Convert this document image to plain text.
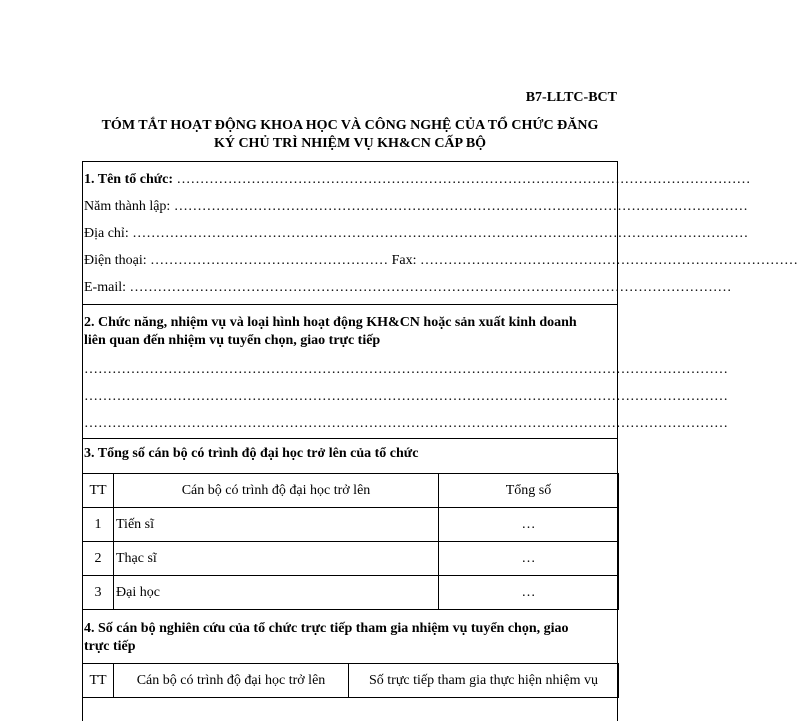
B7-LLTC-BCT
TÓM TẮT HOẠT ĐỘNG KHOA HỌC VÀ CÔNG NGHỆ CỦA TỔ CHỨC ĐĂNG
KÝ CHỦ TRÌ NHIỆM VỤ KH&CN CẤP BỘ
1. Tên tổ chức: ……………………………………………………………………………………………………………
Năm thành lập: ……………………………………………………………………………………………………………
Địa chỉ: ……………………………………………………………………………………………………………………
Điện thoại: …………………………………………… Fax: ………………………………………………………………………
E-mail: …………………………………………………………………………………………………………………
2. Chức năng, nhiệm vụ và loại hình hoạt động KH&CN hoặc sản xuất kinh doanh
liên quan đến nhiệm vụ tuyển chọn, giao trực tiếp
…………………………………………………………………………………………………………………………
…………………………………………………………………………………………………………………………
…………………………………………………………………………………………………………………………
3. Tổng số cán bộ có trình độ đại học trở lên của tổ chức
TT	Cán bộ có trình độ đại học trở lên	Tổng số
1	Tiến sĩ	…
2	Thạc sĩ	…
3	Đại học	…
4. Số cán bộ nghiên cứu của tổ chức trực tiếp tham gia nhiệm vụ tuyển chọn, giao
trực tiếp
TT	Cán bộ có trình độ đại học trở lên	Số trực tiếp tham gia thực hiện nhiệm vụ
